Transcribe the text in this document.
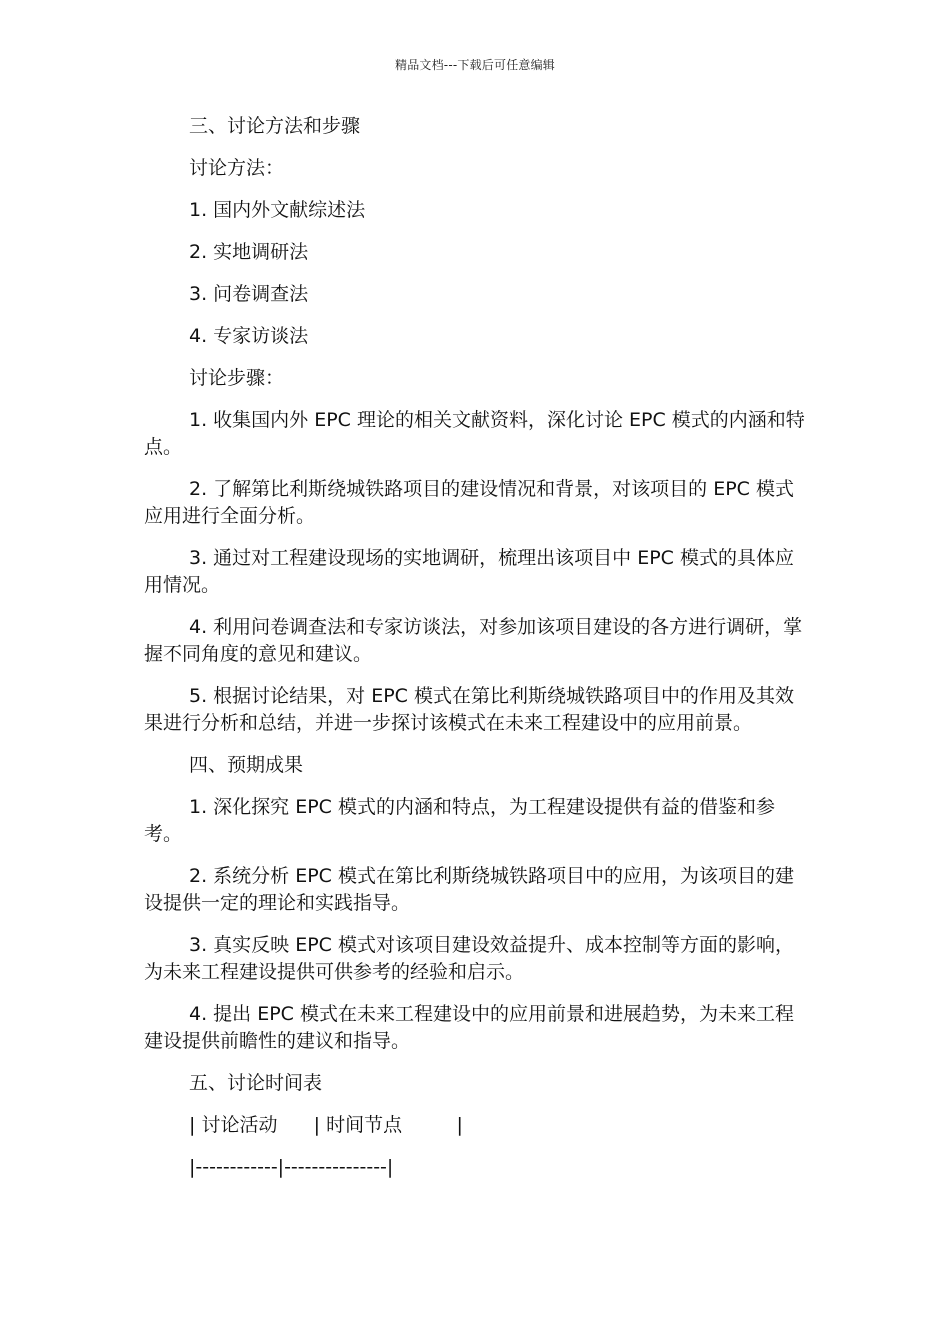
精品文档---下载后可任意编辑

三、讨论方法和步骤

讨论方法：

1. 国内外文献综述法

2. 实地调研法

3. 问卷调查法

4. 专家访谈法

讨论步骤：

1. 收集国内外 EPC 理论的相关文献资料，深化讨论 EPC 模式的内涵和特点。

2. 了解第比利斯绕城铁路项目的建设情况和背景，对该项目的 EPC 模式应用进行全面分析。

3. 通过对工程建设现场的实地调研，梳理出该项目中 EPC 模式的具体应用情况。

4. 利用问卷调查法和专家访谈法，对参加该项目建设的各方进行调研，掌握不同角度的意见和建议。

5. 根据讨论结果，对 EPC 模式在第比利斯绕城铁路项目中的作用及其效果进行分析和总结，并进一步探讨该模式在未来工程建设中的应用前景。

四、预期成果

1. 深化探究 EPC 模式的内涵和特点，为工程建设提供有益的借鉴和参考。

2. 系统分析 EPC 模式在第比利斯绕城铁路项目中的应用，为该项目的建设提供一定的理论和实践指导。

3. 真实反映 EPC 模式对该项目建设效益提升、成本控制等方面的影响，为未来工程建设提供可供参考的经验和启示。

4. 提出 EPC 模式在未来工程建设中的应用前景和进展趋势，为未来工程建设提供前瞻性的建议和指导。

五、讨论时间表

| 讨论活动      | 时间节点         |

|------------|---------------|
